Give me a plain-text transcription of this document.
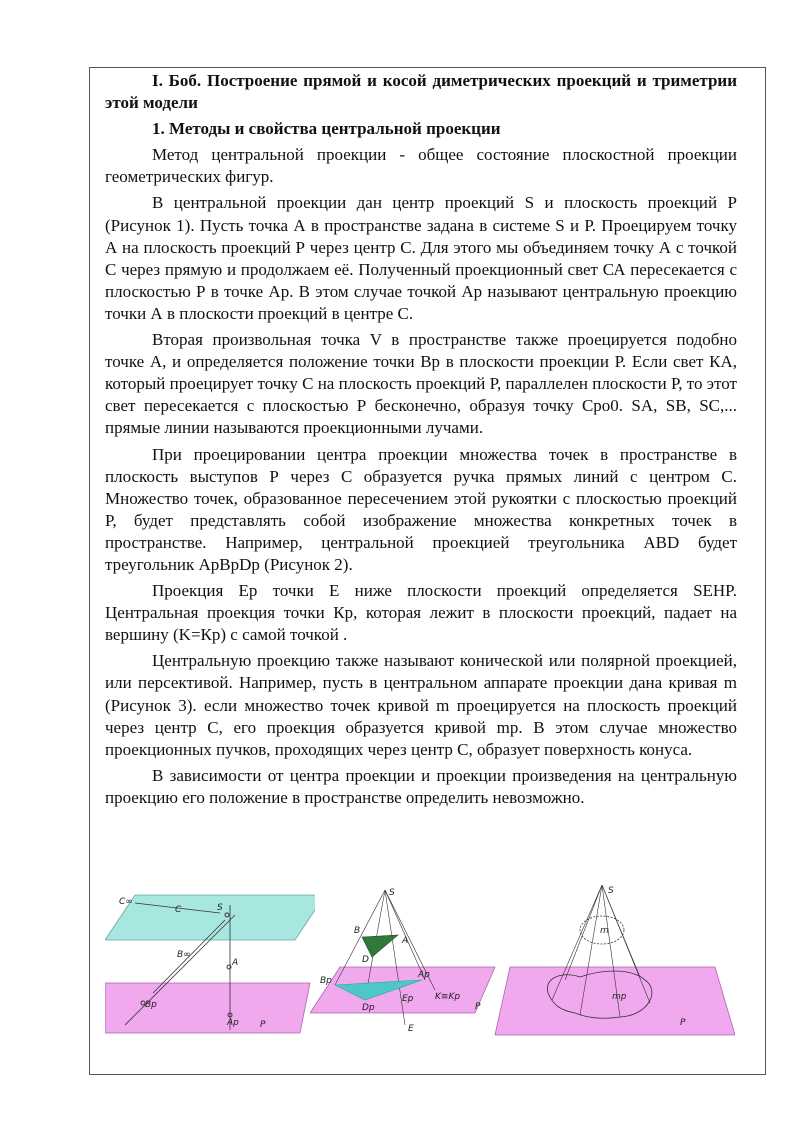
I. Боб. Построение прямой и косой диметрических проекций и триметрии этой модели

1. Методы и свойства центральной проекции

Метод центральной проекции - общее состояние плоскостной проекции геометрических фигур.

В центральной проекции дан центр проекций S и плоскость проекций Р (Рисунок 1). Пусть точка А в пространстве задана в системе S и Р. Проецируем точку А на плоскость проекций Р через центр С. Для этого мы объединяем точку А с точкой С через прямую и продолжаем её. Полученный проекционный свет СА пересекается с плоскостью Р в точке Ар. В этом случае точкой Ар называют центральную проекцию точки А в плоскости проекций в центре С.

Вторая произвольная точка V в пространстве также проецируется подобно точке А, и определяется положение точки Вр в плоскости проекции Р. Если свет КА, который проецирует точку С на плоскость проекций Р, параллелен плоскости Р, то этот свет пересекается с плоскостью Р бесконечно, образуя точку Сро0. SA, SB, SC,... прямые линии называются проекционными лучами.

При проецировании центра проекции множества точек в пространстве в плоскость выступов Р через С образуется ручка прямых линий с центром С. Множество точек, образованное пересечением этой рукоятки с плоскостью проекций Р, будет представлять собой изображение множества конкретных точек в пространстве. Например, центральной проекцией треугольника ABD будет треугольник ApBpDp (Рисунок 2).

Проекция Ер точки Е ниже плоскости проекций определяется SEHP. Центральная проекция точки Кр, которая лежит в плоскости проекций, падает на вершину (K=Кр) с самой точкой .

Центральную проекцию также называют конической или полярной проекцией, или персективой. Например, пусть в центральном аппарате проекции дана кривая m (Рисунок 3). если множество точек кривой m проецируется на плоскость проекций через центр С, его проекция образуется кривой mp. В этом случае множество проекционных пучков, проходящих через центр С, образует поверхность конуса.

В зависимости от центра проекции и проекции произведения на центральную проекцию его положение в пространстве определить невозможно.

C∞
C	S
B∞
A
Bp
Ap P
S
B
A
D
Bp
Ap
Dp
Ep K≡Kp
E
P
S
m
mp
P
